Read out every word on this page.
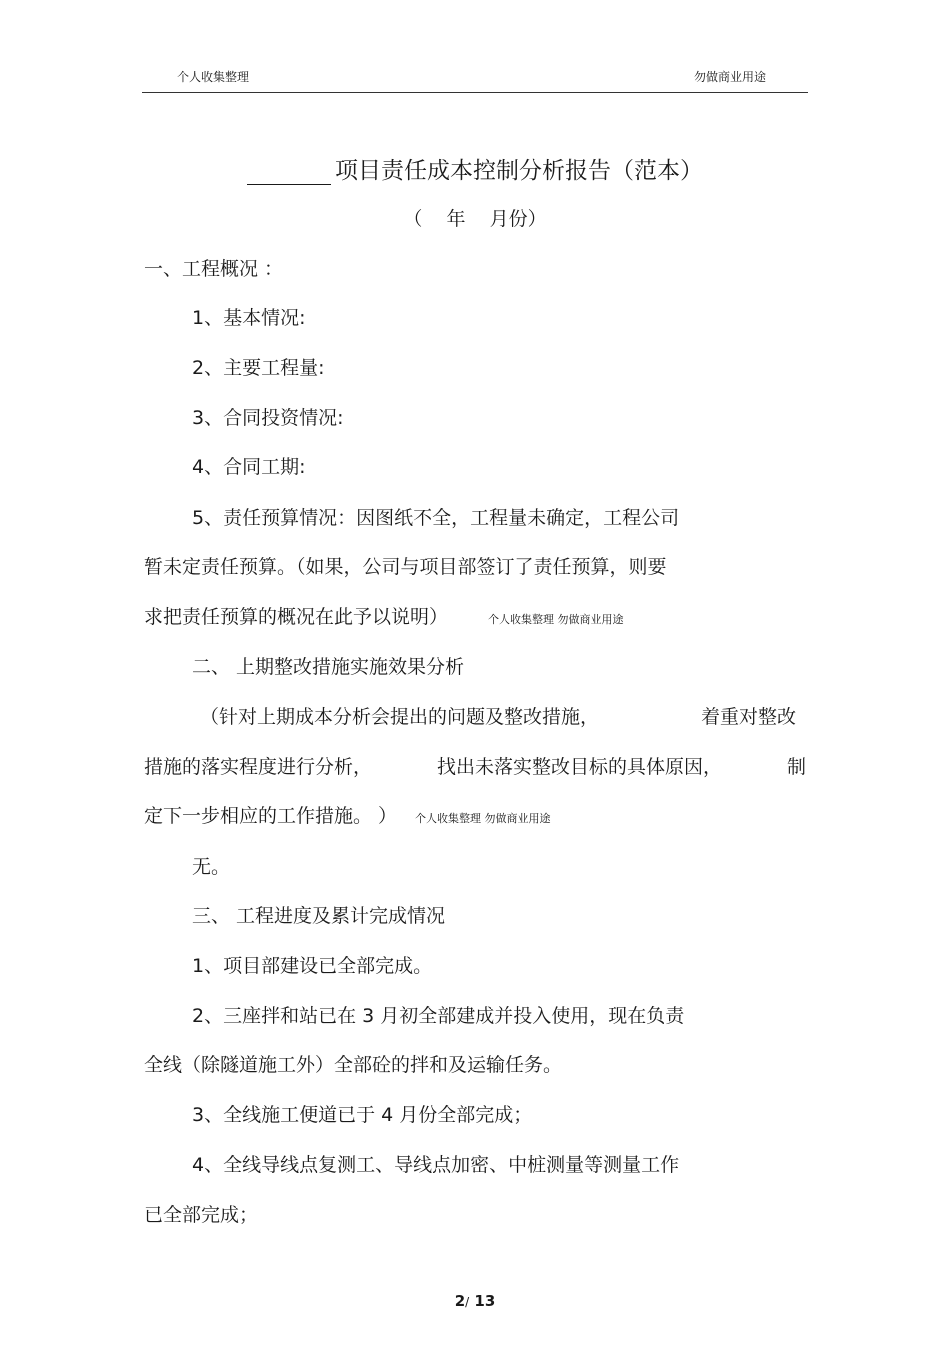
个人收集整理	勿做商业用途
项目责任成本控制分析报告（范本）
（    年    月份）
一、工程概况 ：
1、基本情况:
2、主要工程量:
3、合同投资情况:
4、合同工期:
5、责任预算情况：因图纸不全，工程量未确定，工程公司
暂未定责任预算。（如果，公司与项目部签订了责任预算，则要
求把责任预算的概况在此予以说明）	个人收集整理 勿做商业用途
二、 上期整改措施实施效果分析
（针对上期成本分析会提出的问题及整改措施，	着重对整改
措施的落实程度进行分析，	找出未落实整改目标的具体原因，	制
定下一步相应的工作措施。 ） 个人收集整理 勿做商业用途
无。
三、 工程进度及累计完成情况
1、项目部建设已全部完成。
2、三座拌和站已在 3 月初全部建成并投入使用，现在负责
全线（除隧道施工外）全部砼的拌和及运输任务。
3、全线施工便道已于 4 月份全部完成；
4、全线导线点复测工、导线点加密、中桩测量等测量工作
已全部完成；
2/ 13
